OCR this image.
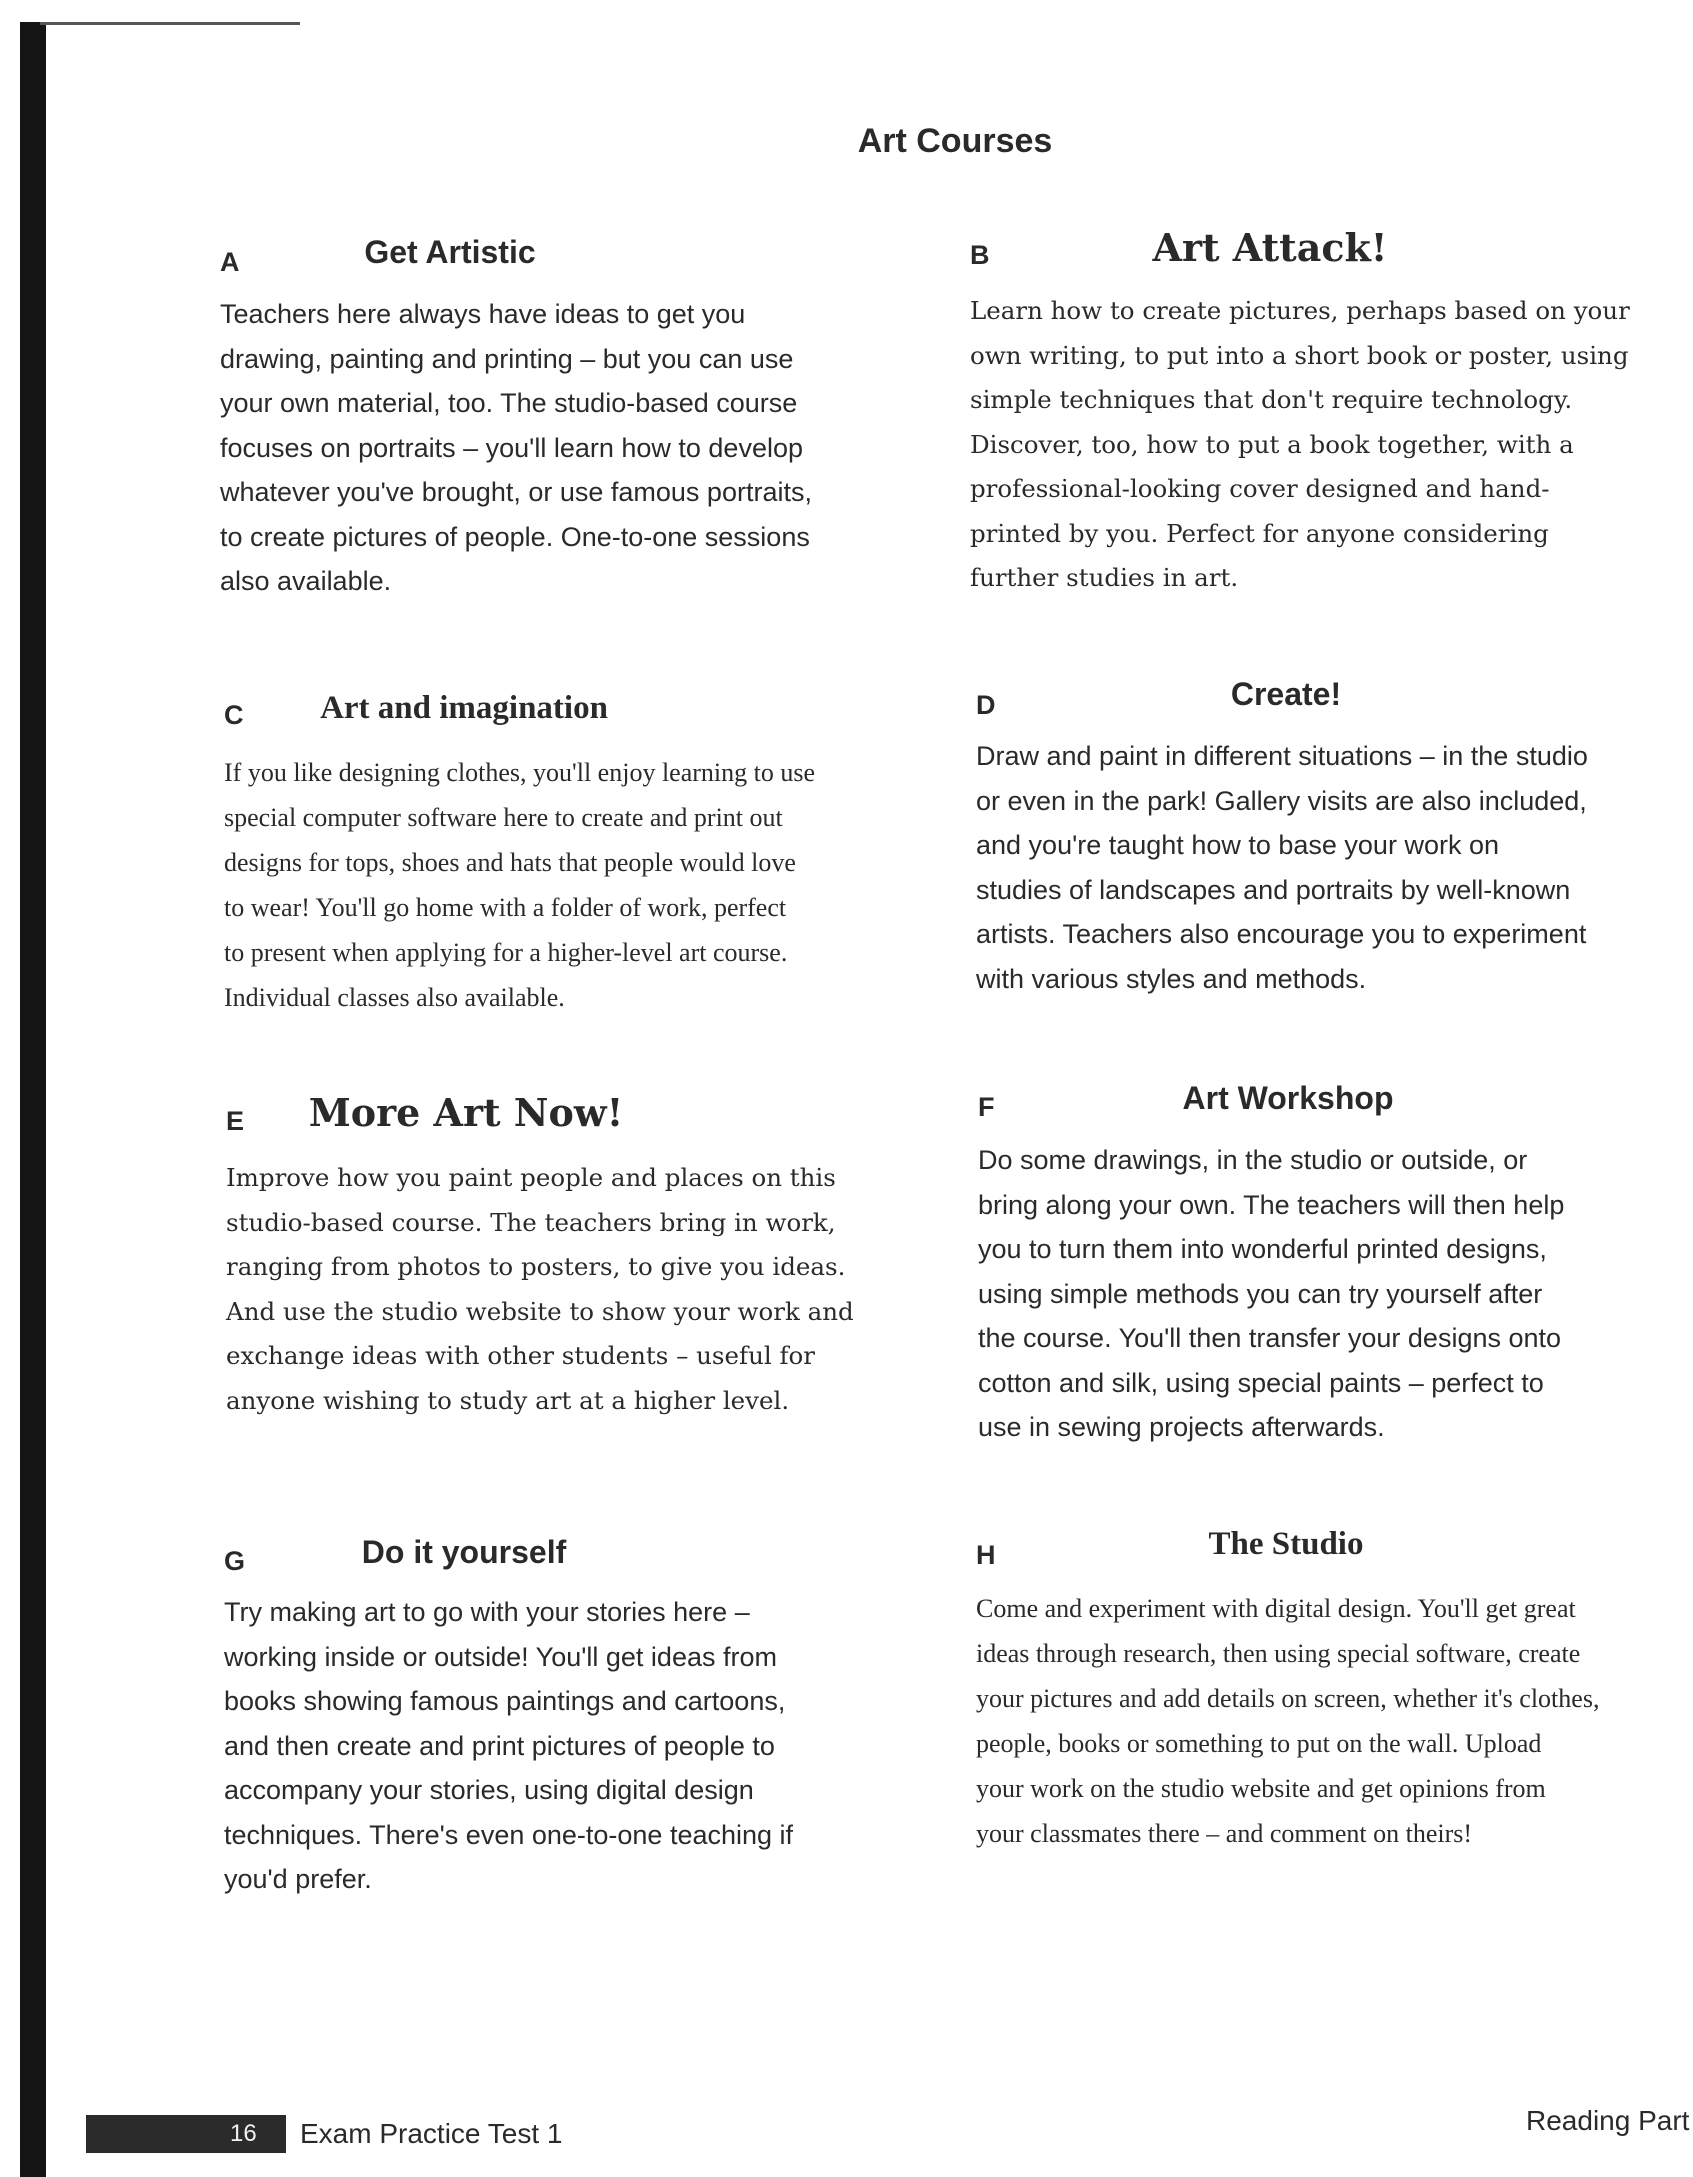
Art Courses
A	Get Artistic
Teachers here always have ideas to get you
drawing, painting and printing – but you can use
your own material, too. The studio-based course
focuses on portraits – you'll learn how to develop
whatever you've brought, or use famous portraits,
to create pictures of people. One-to-one sessions
also available.
B	Art Attack!
Learn how to create pictures, perhaps based on your
own writing, to put into a short book or poster, using
simple techniques that don't require technology.
Discover, too, how to put a book together, with a
professional-looking cover designed and hand-
printed by you. Perfect for anyone considering
further studies in art.
C	Art and imagination
If you like designing clothes, you'll enjoy learning to use
special computer software here to create and print out
designs for tops, shoes and hats that people would love
to wear! You'll go home with a folder of work, perfect
to present when applying for a higher-level art course.
Individual classes also available.
D	Create!
Draw and paint in different situations – in the studio
or even in the park! Gallery visits are also included,
and you're taught how to base your work on
studies of landscapes and portraits by well-known
artists. Teachers also encourage you to experiment
with various styles and methods.
E	More Art Now!
Improve how you paint people and places on this
studio-based course. The teachers bring in work,
ranging from photos to posters, to give you ideas.
And use the studio website to show your work and
exchange ideas with other students – useful for
anyone wishing to study art at a higher level.
F	Art Workshop
Do some drawings, in the studio or outside, or
bring along your own. The teachers will then help
you to turn them into wonderful printed designs,
using simple methods you can try yourself after
the course. You'll then transfer your designs onto
cotton and silk, using special paints – perfect to
use in sewing projects afterwards.
G	Do it yourself
Try making art to go with your stories here –
working inside or outside! You'll get ideas from
books showing famous paintings and cartoons,
and then create and print pictures of people to
accompany your stories, using digital design
techniques. There's even one-to-one teaching if
you'd prefer.
H	The Studio
Come and experiment with digital design. You'll get great
ideas through research, then using special software, create
your pictures and add details on screen, whether it's clothes,
people, books or something to put on the wall. Upload
your work on the studio website and get opinions from
your classmates there – and comment on theirs!
16 Exam Practice Test 1	Reading Part
